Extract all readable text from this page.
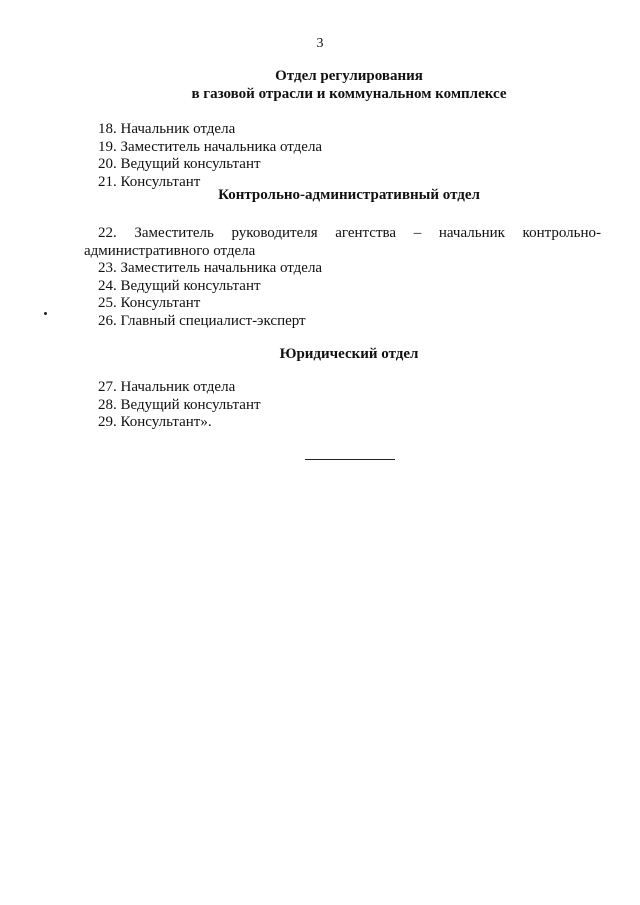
3
Отдел регулирования
в газовой отрасли и коммунальном комплексе
18. Начальник отдела
19. Заместитель начальника отдела
20. Ведущий консультант
21. Консультант
Контрольно-административный отдел
22. Заместитель руководителя агентства – начальник контрольно-
административного отдела
23. Заместитель начальника отдела
24. Ведущий консультант
25. Консультант
26. Главный специалист-эксперт
Юридический отдел
27. Начальник отдела
28. Ведущий консультант
29. Консультант».
